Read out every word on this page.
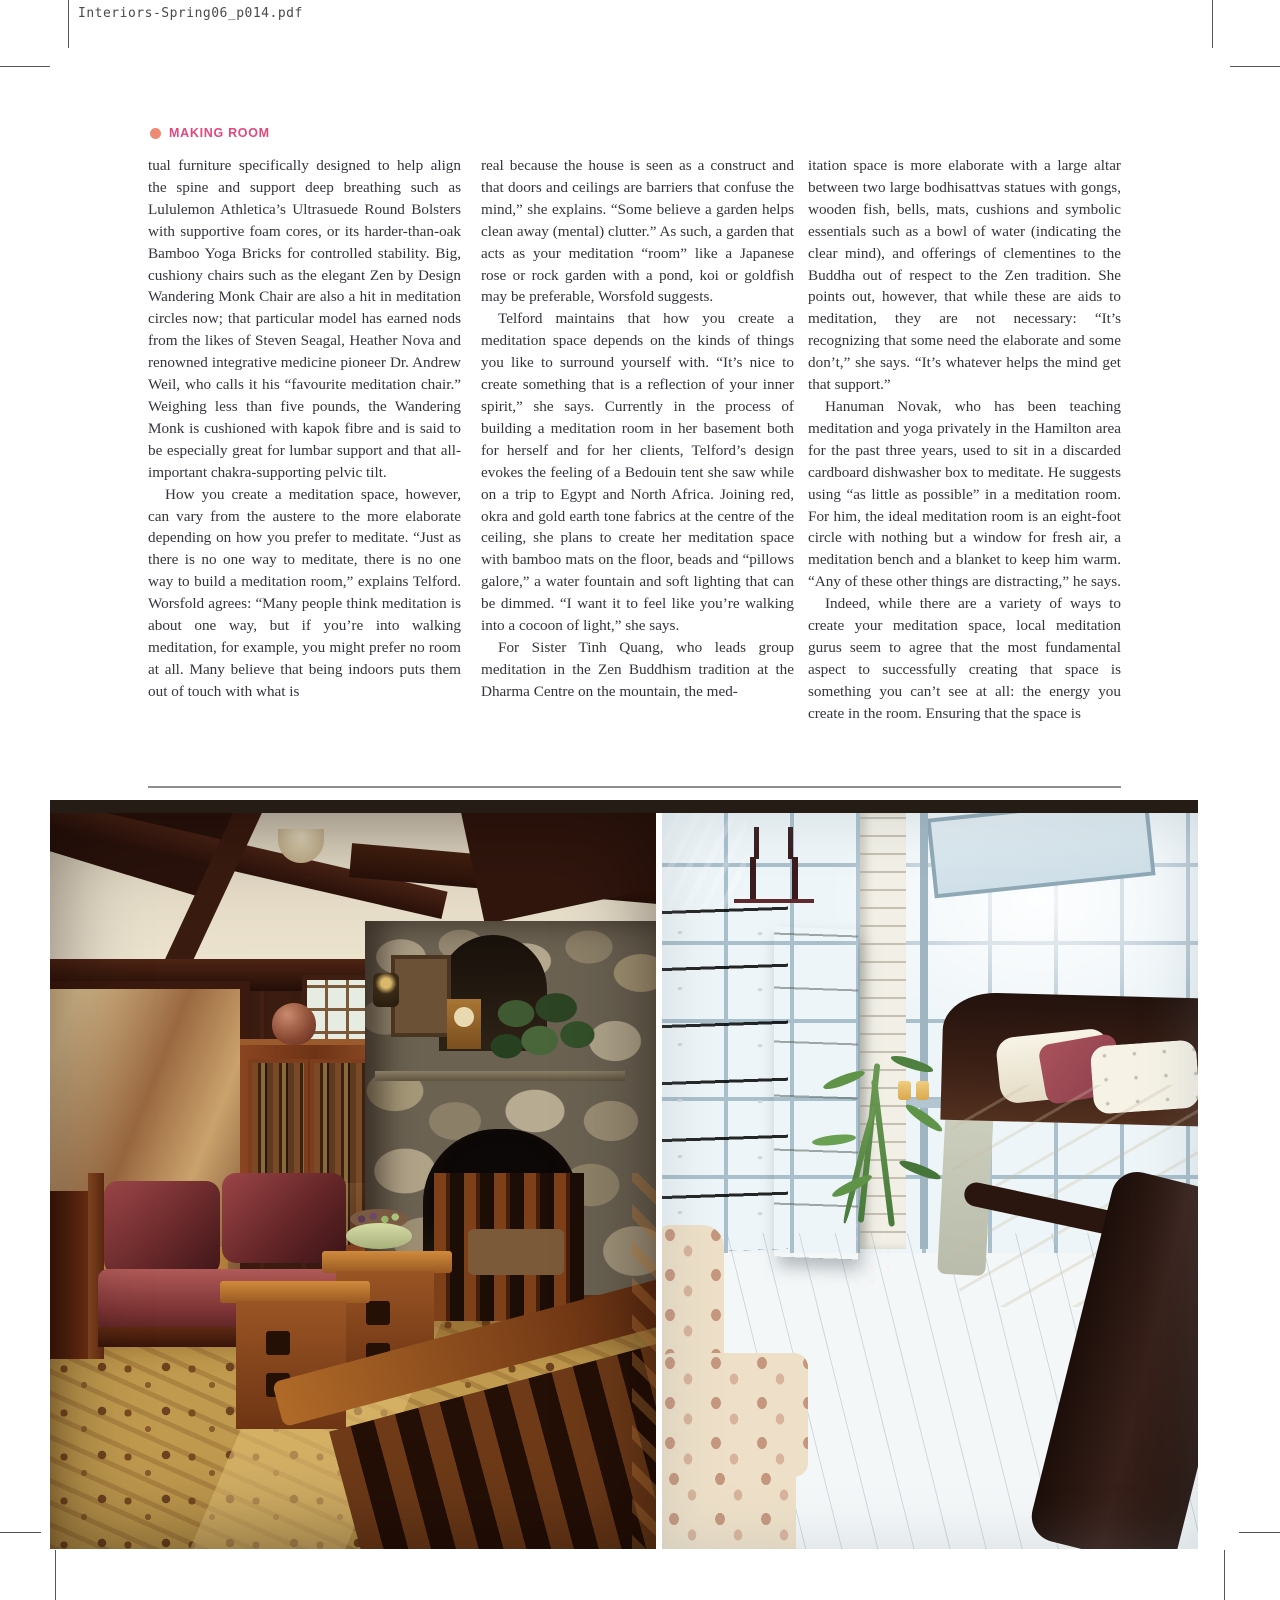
Interiors-Spring06_p014.pdf
MAKING ROOM

tual furniture specifically designed to help align the spine and support deep breathing such as Lululemon Athletica’s Ultrasuede Round Bolsters with supportive foam cores, or its harder-than-oak Bamboo Yoga Bricks for controlled stability. Big, cushiony chairs such as the elegant Zen by Design Wandering Monk Chair are also a hit in meditation circles now; that particular model has earned nods from the likes of Steven Seagal, Heather Nova and renowned integrative medicine pioneer Dr. Andrew Weil, who calls it his “favourite meditation chair.” Weighing less than five pounds, the Wandering Monk is cushioned with kapok fibre and is said to be especially great for lumbar support and that all-important chakra-supporting pelvic tilt.

How you create a meditation space, however, can vary from the austere to the more elaborate depending on how you prefer to meditate. “Just as there is no one way to meditate, there is no one way to build a meditation room,” explains Telford. Worsfold agrees: “Many people think meditation is about one way, but if you’re into walking meditation, for example, you might prefer no room at all. Many believe that being indoors puts them out of touch with what is

real because the house is seen as a construct and that doors and ceilings are barriers that confuse the mind,” she explains. “Some believe a garden helps clean away (mental) clutter.” As such, a garden that acts as your meditation “room” like a Japanese rose or rock garden with a pond, koi or goldfish may be preferable, Worsfold suggests.

Telford maintains that how you create a meditation space depends on the kinds of things you like to surround yourself with. “It’s nice to create something that is a reflection of your inner spirit,” she says. Currently in the process of building a meditation room in her basement both for herself and for her clients, Telford’s design evokes the feeling of a Bedouin tent she saw while on a trip to Egypt and North Africa. Joining red, okra and gold earth tone fabrics at the centre of the ceiling, she plans to create her meditation space with bamboo mats on the floor, beads and “pillows galore,” a water fountain and soft lighting that can be dimmed. “I want it to feel like you’re walking into a cocoon of light,” she says.

For Sister Tinh Quang, who leads group meditation in the Zen Buddhism tradition at the Dharma Centre on the mountain, the med-

itation space is more elaborate with a large altar between two large bodhisattvas statues with gongs, wooden fish, bells, mats, cushions and symbolic essentials such as a bowl of water (indicating the clear mind), and offerings of clementines to the Buddha out of respect to the Zen tradition. She points out, however, that while these are aids to meditation, they are not necessary: “It’s recognizing that some need the elaborate and some don’t,” she says. “It’s whatever helps the mind get that support.”

Hanuman Novak, who has been teaching meditation and yoga privately in the Hamilton area for the past three years, used to sit in a discarded cardboard dishwasher box to meditate. He suggests using “as little as possible” in a meditation room. For him, the ideal meditation room is an eight-foot circle with nothing but a window for fresh air, a meditation bench and a blanket to keep him warm. “Any of these other things are distracting,” he says.

Indeed, while there are a variety of ways to create your meditation space, local meditation gurus seem to agree that the most fundamental aspect to successfully creating that space is something you can’t see at all: the energy you create in the room. Ensuring that the space is
